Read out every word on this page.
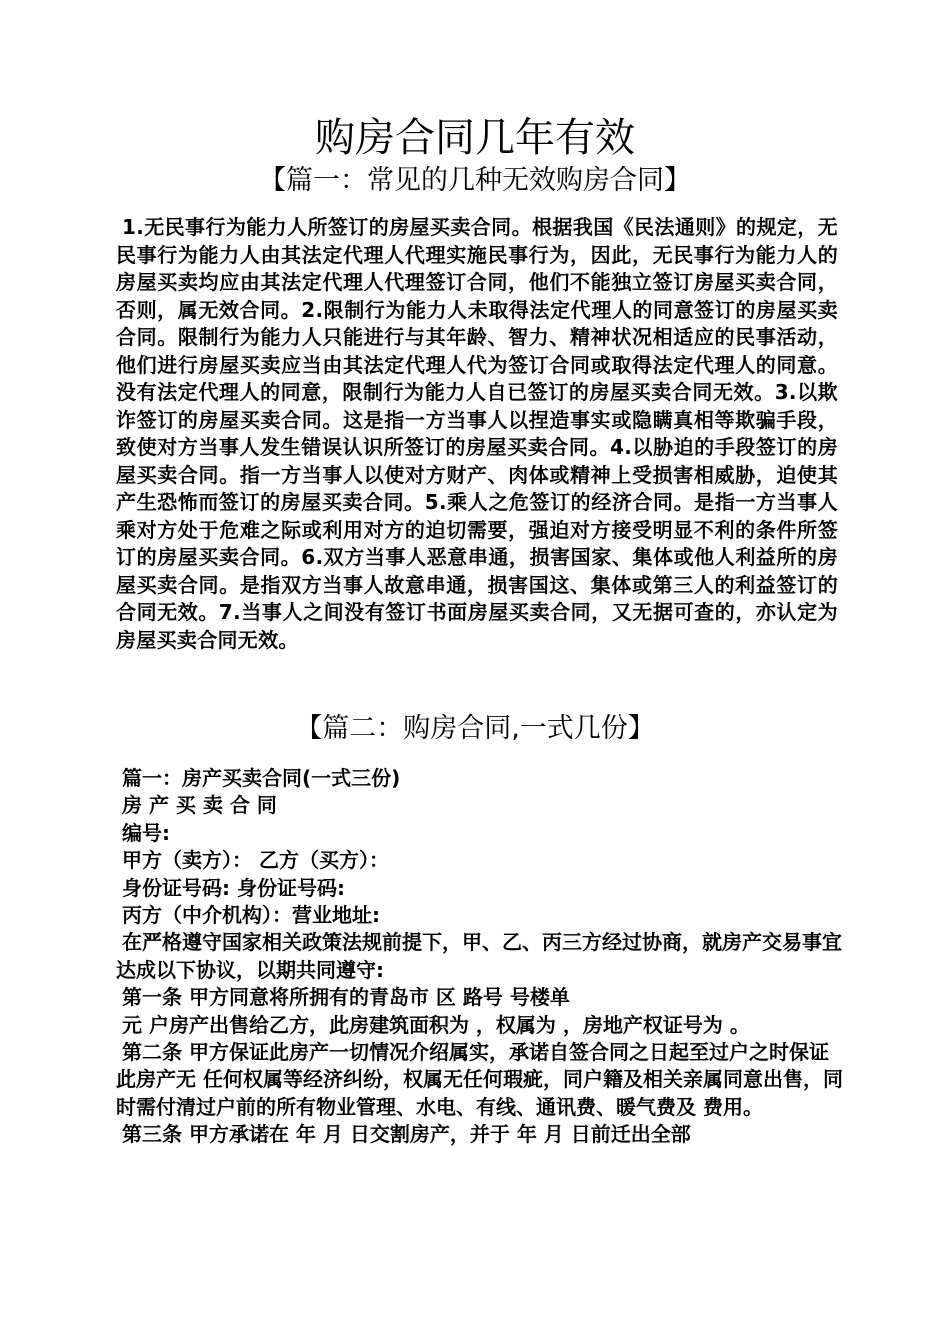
购房合同几年有效
【篇一：常见的几种无效购房合同】

1.无民事行为能力人所签订的房屋买卖合同。根据我国《民法通则》的规定，无民事行为能力人由其法定代理人代理实施民事行为，因此，无民事行为能力人的房屋买卖均应由其法定代理人代理签订合同，他们不能独立签订房屋买卖合同，否则，属无效合同。2.限制行为能力人未取得法定代理人的同意签订的房屋买卖合同。限制行为能力人只能进行与其年龄、智力、精神状况相适应的民事活动，他们进行房屋买卖应当由其法定代理人代为签订合同或取得法定代理人的同意。没有法定代理人的同意，限制行为能力人自已签订的房屋买卖合同无效。3.以欺诈签订的房屋买卖合同。这是指一方当事人以捏造事实或隐瞒真相等欺骗手段，致使对方当事人发生错误认识所签订的房屋买卖合同。4.以胁迫的手段签订的房屋买卖合同。指一方当事人以使对方财产、肉体或精神上受损害相威胁，迫使其产生恐怖而签订的房屋买卖合同。5.乘人之危签订的经济合同。是指一方当事人乘对方处于危难之际或利用对方的迫切需要，强迫对方接受明显不利的条件所签订的房屋买卖合同。6.双方当事人恶意串通，损害国家、集体或他人利益所的房屋买卖合同。是指双方当事人故意串通，损害国这、集体或第三人的利益签订的合同无效。7.当事人之间没有签订书面房屋买卖合同，又无据可查的，亦认定为房屋买卖合同无效。

【篇二：购房合同,一式几份】

篇一：房产买卖合同(一式三份)

房 产 买 卖 合 同

编号:

甲方（卖方）： 乙方（买方）：

身份证号码: 身份证号码:

丙方（中介机构）：营业地址:

在严格遵守国家相关政策法规前提下，甲、乙、丙三方经过协商，就房产交易事宜达成以下协议，以期共同遵守:

第一条 甲方同意将所拥有的青岛市 区 路号 号楼单

元 户房产出售给乙方，此房建筑面积为 ，权属为 ，房地产权证号为 。

第二条 甲方保证此房产一切情况介绍属实，承诺自签合同之日起至过户之时保证此房产无 任何权属等经济纠纷，权属无任何瑕疵，同户籍及相关亲属同意出售，同时需付清过户前的所有物业管理、水电、有线、通讯费、暖气费及 费用。

第三条 甲方承诺在 年 月 日交割房产，并于 年 月 日前迁出全部
